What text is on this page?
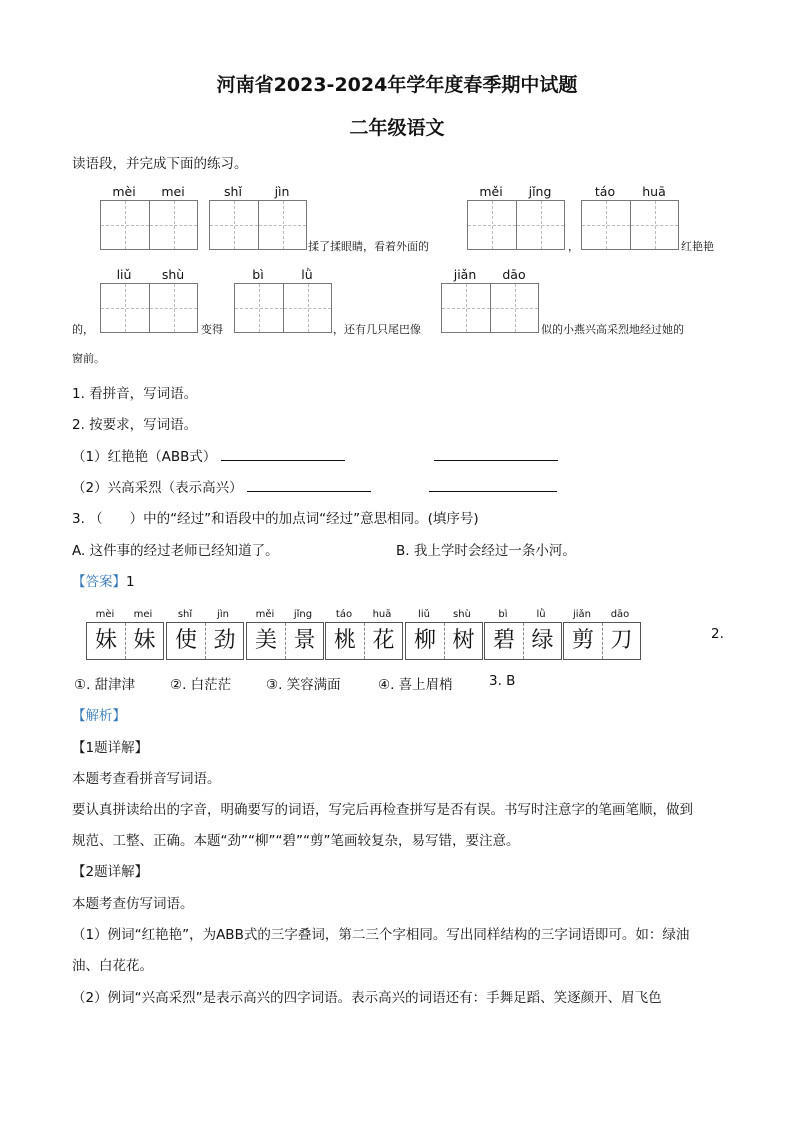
河南省2023-2024年学年度春季期中试题
二年级语文
读语段，并完成下面的练习。
mèi	mei	shǐ	jìn	měi	jǐng	táo	huā
揉了揉眼睛，看着外面的	，	红艳艳
liǔ	shù	bì	lǜ	jiǎn	dāo
的，	变得	，还有几只尾巴像	似的小燕兴高采烈地经过她的
窗前。
1. 看拼音，写词语。
2. 按要求，写词语。
（1）红艳艳（ABB式）
（2）兴高采烈（表示高兴）
3. （　　）中的“经过”和语段中的加点词“经过”意思相同。(填序号)
A. 这件事的经过老师已经知道了。	B. 我上学时会经过一条小河。
【答案】1
2.
mèi	mei	shǐ	jìn	měi	jǐng	táo	huā	liǔ	shù	bì	lǜ	jiǎn	dāo
妹 妹 使 劲 美 景 桃 花 柳 树 碧 绿 剪 刀
①. 甜津津	②. 白茫茫	③. 笑容满面	④. 喜上眉梢	3. B
【解析】
【1题详解】
本题考查看拼音写词语。
要认真拼读给出的字音，明确要写的词语，写完后再检查拼写是否有误。书写时注意字的笔画笔顺，做到
规范、工整、正确。本题“劲”“柳”“碧”“剪”笔画较复杂，易写错，要注意。
【2题详解】
本题考查仿写词语。
（1）例词“红艳艳”，为ABB式的三字叠词，第二三个字相同。写出同样结构的三字词语即可。如：绿油
油、白花花。
（2）例词“兴高采烈”是表示高兴的四字词语。表示高兴的词语还有：手舞足蹈、笑逐颜开、眉飞色
